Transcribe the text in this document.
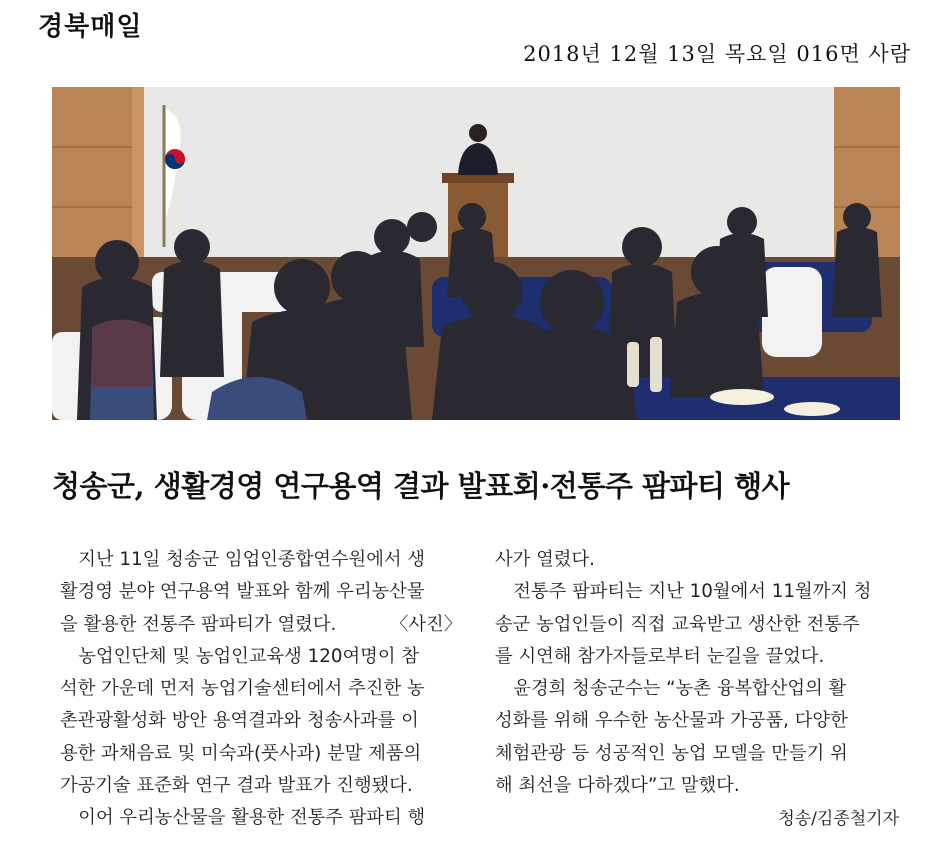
경북매일
2018년 12월 13일 목요일 016면 사람
청송군, 생활경영 연구용역 결과 발표회·전통주 팜파티 행사

지난 11일 청송군 임업인종합연수원에서 생
활경영 분야 연구용역 발표와 함께 우리농산물
을 활용한 전통주 팜파티가 열렸다.	〈사진〉

농업인단체 및 농업인교육생 120여명이 참
석한 가운데 먼저 농업기술센터에서 추진한 농
촌관광활성화 방안 용역결과와 청송사과를 이
용한 과채음료 및 미숙과(풋사과) 분말 제품의
가공기술 표준화 연구 결과 발표가 진행됐다.

이어 우리농산물을 활용한 전통주 팜파티 행
사가 열렸다.

전통주 팜파티는 지난 10월에서 11월까지 청
송군 농업인들이 직접 교육받고 생산한 전통주
를 시연해 참가자들로부터 눈길을 끌었다.

윤경희 청송군수는 “농촌 융복합산업의 활
성화를 위해 우수한 농산물과 가공품, 다양한
체험관광 등 성공적인 농업 모델을 만들기 위
해 최선을 다하겠다”고 말했다.
청송/김종철기자
